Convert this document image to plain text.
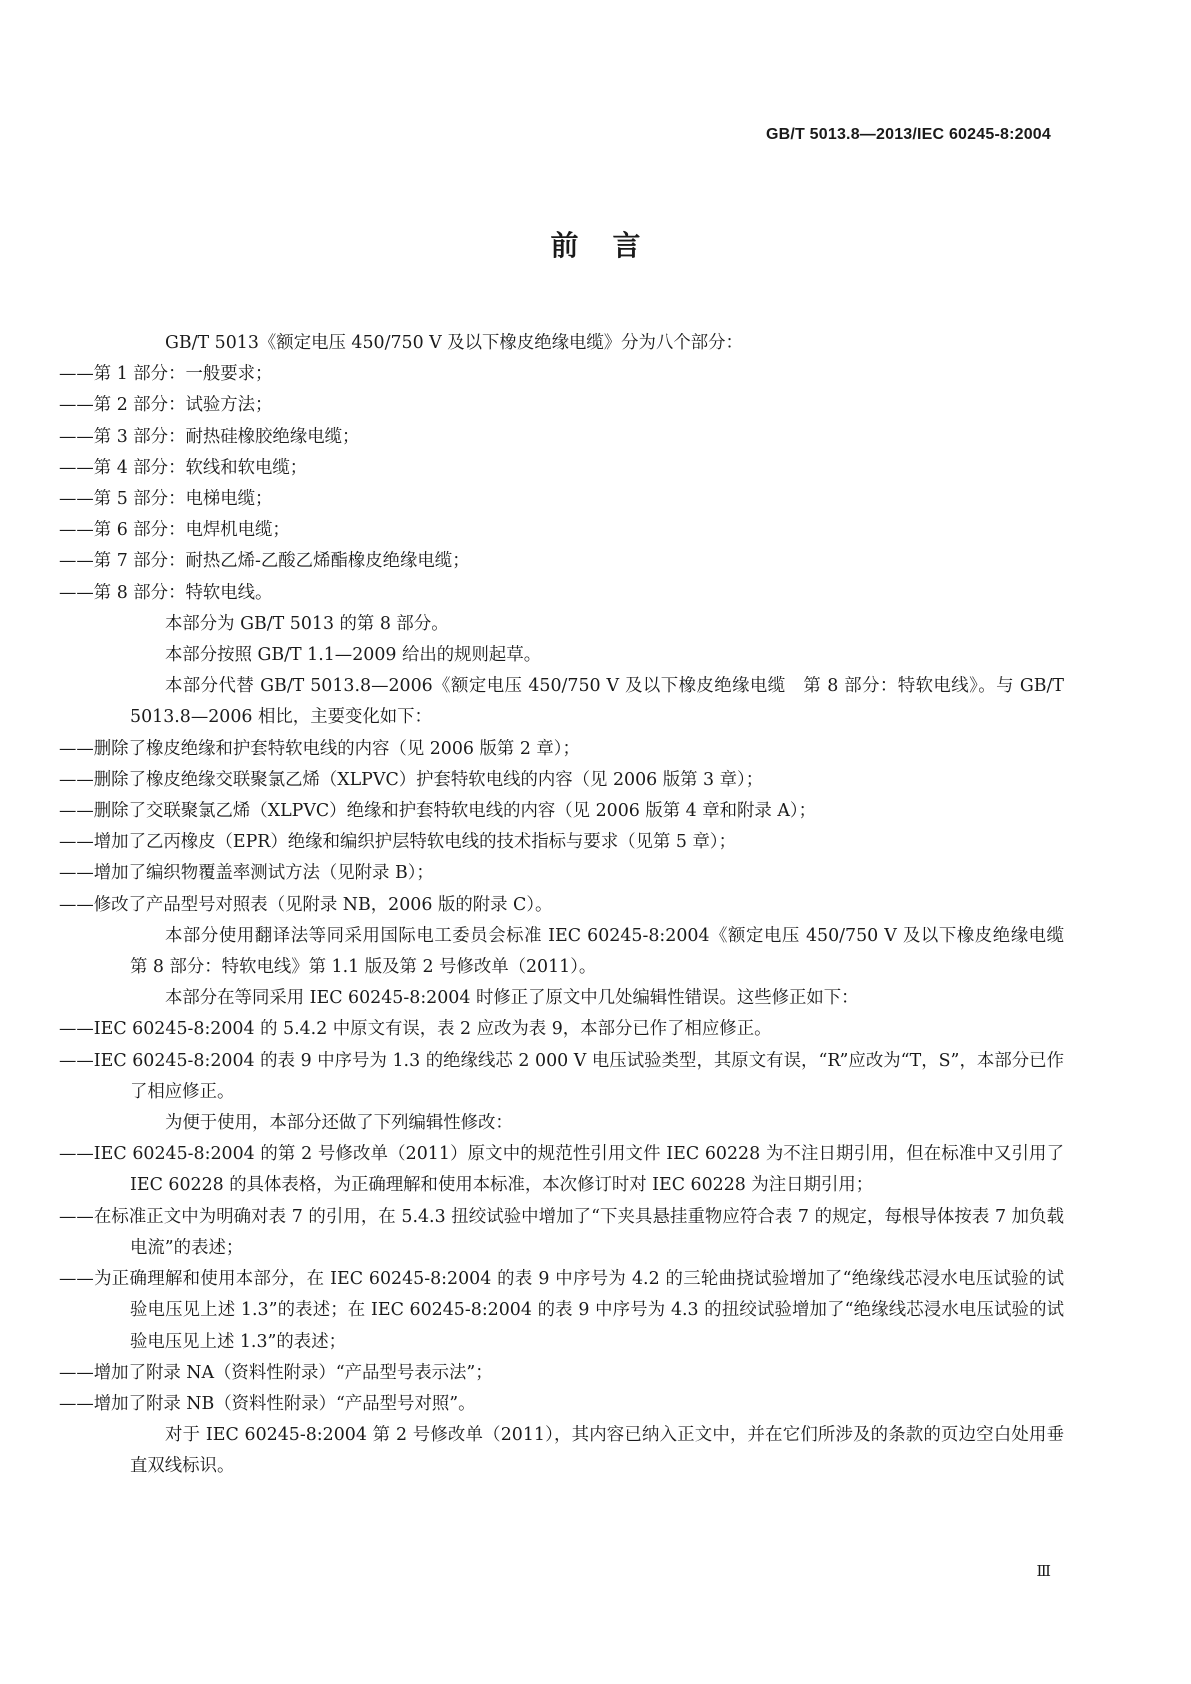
GB/T 5013.8—2013/IEC 60245-8:2004
前言

GB/T 5013《额定电压 450/750 V 及以下橡皮绝缘电缆》分为八个部分：

——第 1 部分：一般要求；

——第 2 部分：试验方法；

——第 3 部分：耐热硅橡胶绝缘电缆；

——第 4 部分：软线和软电缆；

——第 5 部分：电梯电缆；

——第 6 部分：电焊机电缆；

——第 7 部分：耐热乙烯-乙酸乙烯酯橡皮绝缘电缆；

——第 8 部分：特软电线。

本部分为 GB/T 5013 的第 8 部分。

本部分按照 GB/T 1.1—2009 给出的规则起草。

本部分代替 GB/T 5013.8—2006《额定电压 450/750 V 及以下橡皮绝缘电缆　第 8 部分：特软电线》。与 GB/T 5013.8—2006 相比，主要变化如下：

——删除了橡皮绝缘和护套特软电线的内容（见 2006 版第 2 章）；

——删除了橡皮绝缘交联聚氯乙烯（XLPVC）护套特软电线的内容（见 2006 版第 3 章）；

——删除了交联聚氯乙烯（XLPVC）绝缘和护套特软电线的内容（见 2006 版第 4 章和附录 A）；

——增加了乙丙橡皮（EPR）绝缘和编织护层特软电线的技术指标与要求（见第 5 章）；

——增加了编织物覆盖率测试方法（见附录 B）；

——修改了产品型号对照表（见附录 NB，2006 版的附录 C）。

本部分使用翻译法等同采用国际电工委员会标准 IEC 60245-8:2004《额定电压 450/750 V 及以下橡皮绝缘电缆　第 8 部分：特软电线》第 1.1 版及第 2 号修改单（2011）。

本部分在等同采用 IEC 60245-8:2004 时修正了原文中几处编辑性错误。这些修正如下：

——IEC 60245-8:2004 的 5.4.2 中原文有误，表 2 应改为表 9，本部分已作了相应修正。

——IEC 60245-8:2004 的表 9 中序号为 1.3 的绝缘线芯 2 000 V 电压试验类型，其原文有误，“R”应改为“T，S”，本部分已作了相应修正。

为便于使用，本部分还做了下列编辑性修改：

——IEC 60245-8:2004 的第 2 号修改单（2011）原文中的规范性引用文件 IEC 60228 为不注日期引用，但在标准中又引用了 IEC 60228 的具体表格，为正确理解和使用本标准，本次修订时对 IEC 60228 为注日期引用；

——在标准正文中为明确对表 7 的引用，在 5.4.3 扭绞试验中增加了“下夹具悬挂重物应符合表 7 的规定，每根导体按表 7 加负载电流”的表述；

——为正确理解和使用本部分，在 IEC 60245-8:2004 的表 9 中序号为 4.2 的三轮曲挠试验增加了“绝缘线芯浸水电压试验的试验电压见上述 1.3”的表述；在 IEC 60245-8:2004 的表 9 中序号为 4.3 的扭绞试验增加了“绝缘线芯浸水电压试验的试验电压见上述 1.3”的表述；

——增加了附录 NA（资料性附录）“产品型号表示法”；

——增加了附录 NB（资料性附录）“产品型号对照”。

对于 IEC 60245-8:2004 第 2 号修改单（2011），其内容已纳入正文中，并在它们所涉及的条款的页边空白处用垂直双线标识。

Ⅲ
